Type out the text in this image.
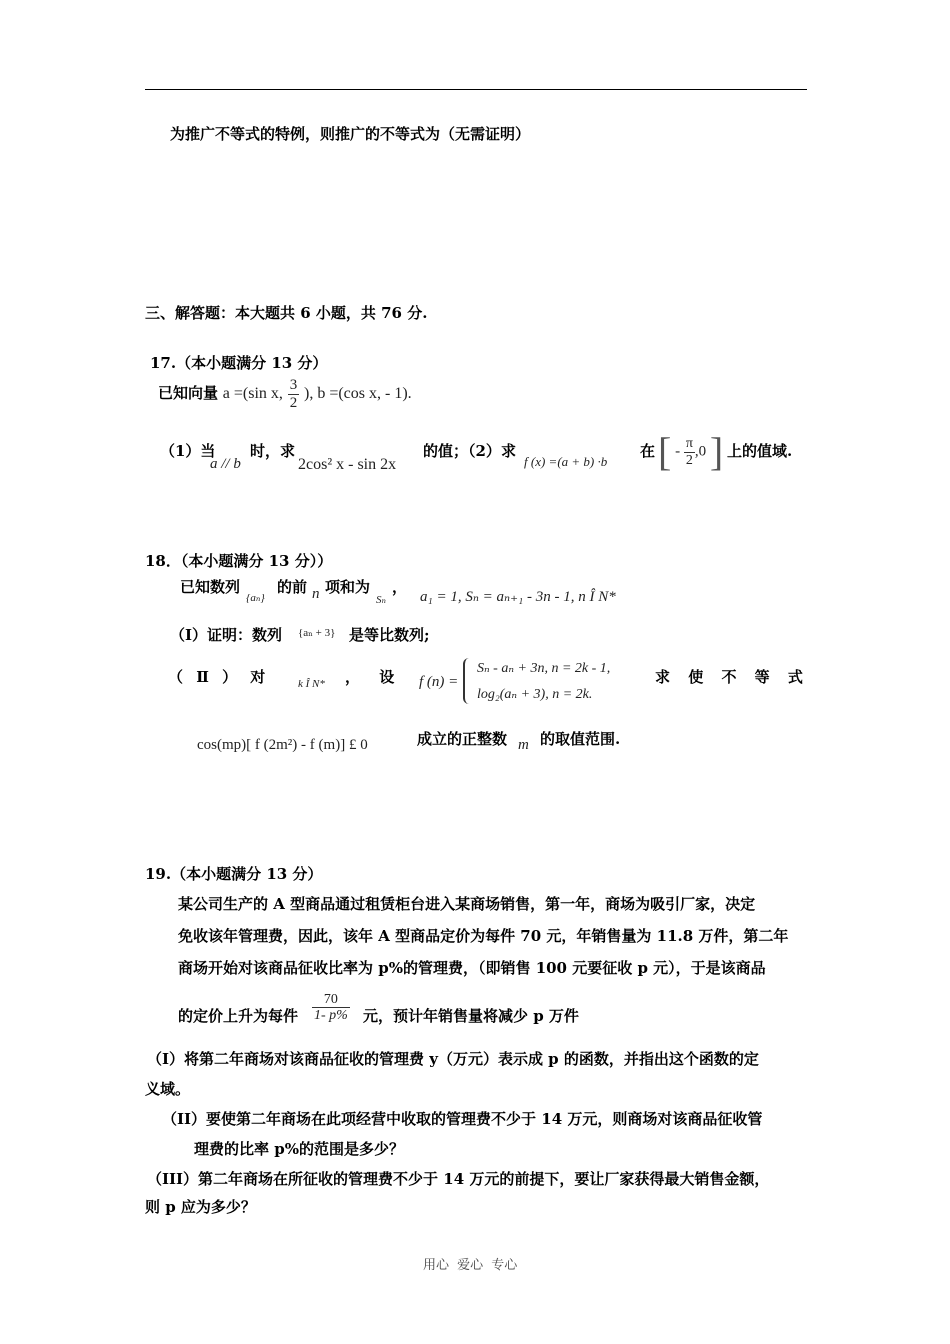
为推广不等式的特例，则推广的不等式为（无需证明）
三、解答题：本大题共 6 小题，共 76 分.
17.（本小题满分 13 分）
已知向量 a =(sin x, $\frac{3}{2}$ ), b =(cos x, - 1).
（1）当
a // b
时，求
2cos² x - sin 2x
的值；（2）求
f (x) =(a + b) ·b
在 [ - $\frac{\pi}{2} ,0$ ] 上的值域.
18．（本小题满分 13 分））
已知数列
{aₙ}
的前 n 项和为
Sₙ
，
a₁ = 1, Sₙ = aₙ₊₁ - 3n - 1, n Î N*
（Ⅰ）证明：数列 {aₙ + 3} 是等比数列;
（ Ⅱ ） 对	k Î N* ， 设 f (n) =
Sₙ - aₙ + 3n, n = 2k - 1,
log₂(aₙ + 3), n = 2k.
求 使 不 等 式
cos(mp)[ f (2m²) - f (m)] £ 0	成立的正整数 m 的取值范围.
19.（本小题满分 13 分）
某公司生产的 A 型商品通过租赁柜台进入某商场销售，第一年，商场为吸引厂家，决定
免收该年管理费，因此，该年 A 型商品定价为每件 70 元，年销售量为 11.8 万件，第二年
商场开始对该商品征收比率为 p%的管理费，（即销售 100 元要征收 p 元），于是该商品
的定价上升为每件 $\frac{70}{1- p\%}$ 元，预计年销售量将减少 p 万件
（I）将第二年商场对该商品征收的管理费 y（万元）表示成 p 的函数，并指出这个函数的定
义域。
（II）要使第二年商场在此项经营中收取的管理费不少于 14 万元，则商场对该商品征收管
理费的比率 p%的范围是多少？
（III）第二年商场在所征收的管理费不少于 14 万元的前提下，要让厂家获得最大销售金额，
则 p 应为多少？
用心 爱心 专心
